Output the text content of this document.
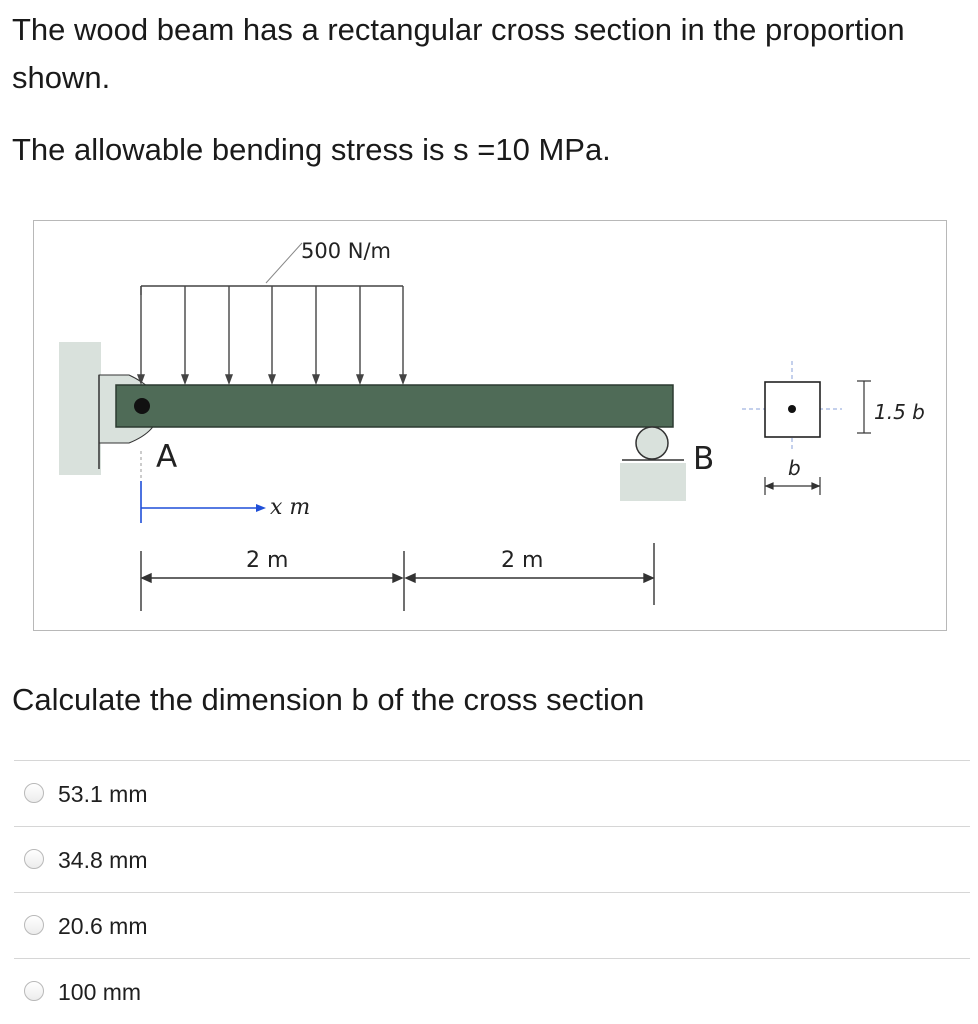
The wood beam has a rectangular cross section in the proportion shown.
The allowable bending stress is s =10 MPa.
500 N/m
A	B
x m
2 m	2 m
1.5 b
b
Calculate the dimension b of the cross section
53.1 mm
34.8 mm
20.6 mm
100 mm
